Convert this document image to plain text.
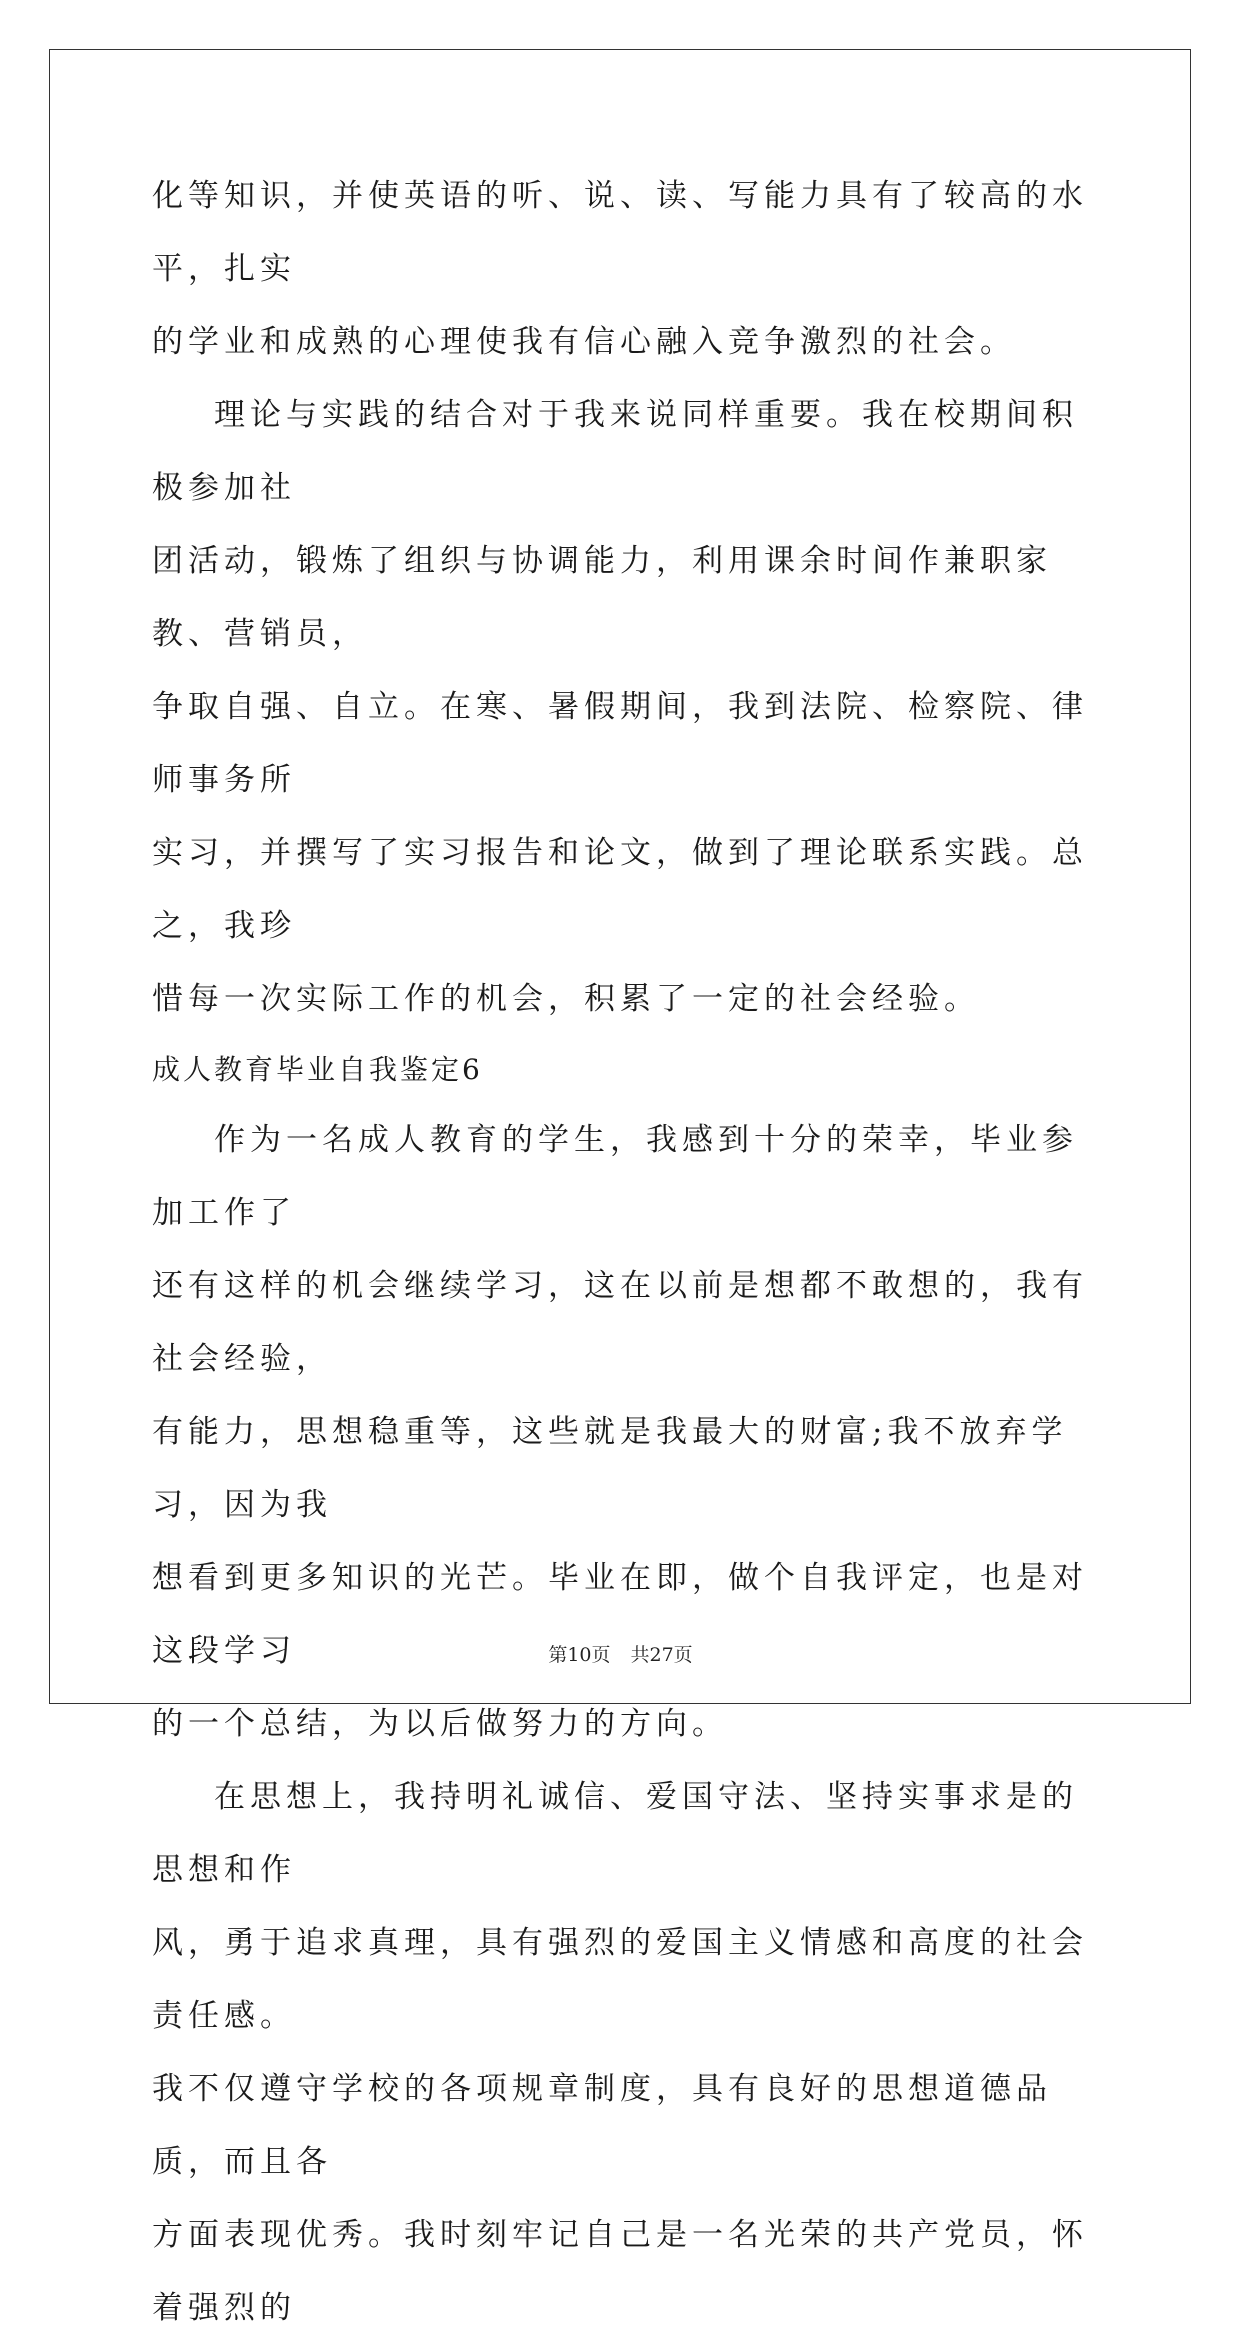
化等知识，并使英语的听、说、读、写能力具有了较高的水平，扎实
的学业和成熟的心理使我有信心融入竞争激烈的社会。

理论与实践的结合对于我来说同样重要。我在校期间积极参加社
团活动，锻炼了组织与协调能力，利用课余时间作兼职家教、营销员，
争取自强、自立。在寒、暑假期间，我到法院、检察院、律师事务所
实习，并撰写了实习报告和论文，做到了理论联系实践。总之，我珍
惜每一次实际工作的机会，积累了一定的社会经验。

成人教育毕业自我鉴定6

作为一名成人教育的学生，我感到十分的荣幸，毕业参加工作了
还有这样的机会继续学习，这在以前是想都不敢想的，我有社会经验，
有能力，思想稳重等，这些就是我最大的财富;我不放弃学习，因为我
想看到更多知识的光芒。毕业在即，做个自我评定，也是对这段学习
的一个总结，为以后做努力的方向。

在思想上，我持明礼诚信、爱国守法、坚持实事求是的思想和作
风，勇于追求真理，具有强烈的爱国主义情感和高度的社会责任感。
我不仅遵守学校的各项规章制度，具有良好的思想道德品质，而且各
方面表现优秀。我时刻牢记自己是一名光荣的共产党员，怀着强烈的

第10页 共27页
